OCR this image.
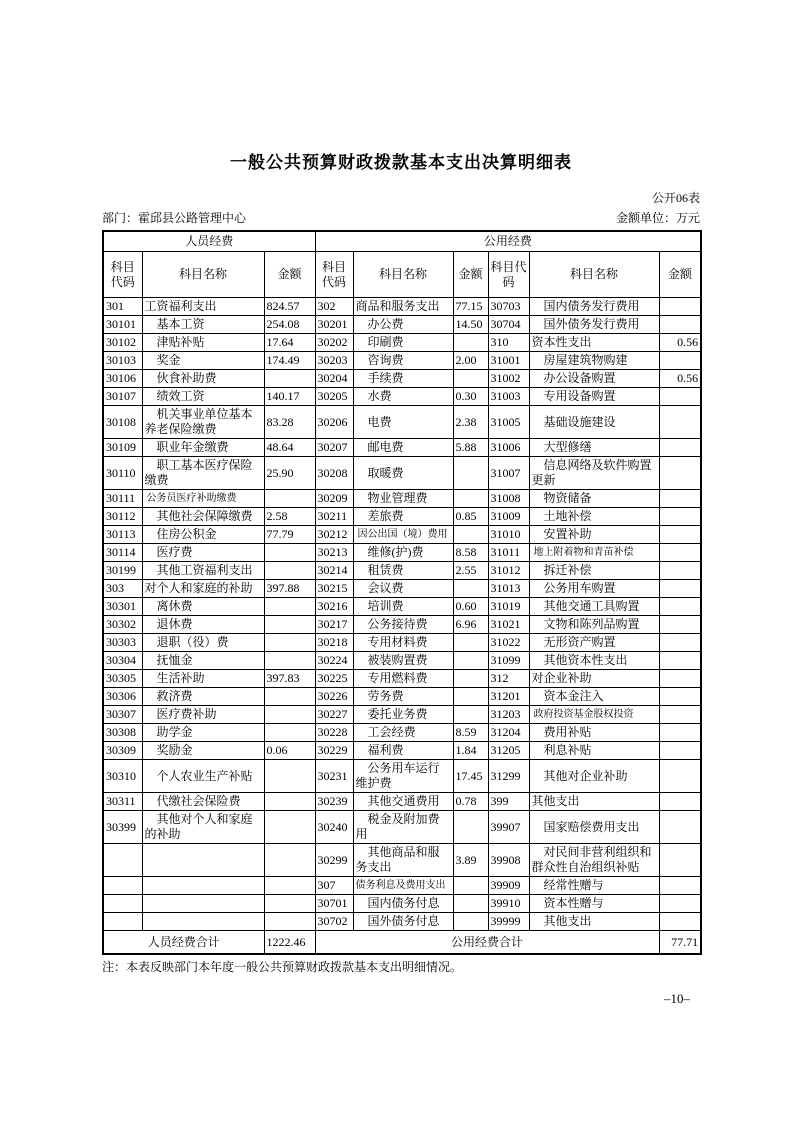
一般公共预算财政拨款基本支出决算明细表
公开06表
部门：霍邱县公路管理中心	金额单位：万元
人员经费			公用经费					
科目代码	科目名称	金额	科目代码	科目名称	金额	科目代码	科目名称	金额
301	工资福利支出	824.57	302	商品和服务支出	77.15	30703	国内债务发行费用	
30101	基本工资	254.08	30201	办公费	14.50	30704	国外债务发行费用	
30102	津贴补贴	17.64	30202	印刷费		310	资本性支出	0.56
30103	奖金	174.49	30203	咨询费	2.00	31001	房屋建筑物购建	
30106	伙食补助费		30204	手续费		31002	办公设备购置	0.56
30107	绩效工资	140.17	30205	水费	0.30	31003	专用设备购置	
30108	机关事业单位基本养老保险缴费	83.28	30206	电费	2.38	31005	基础设施建设	
30109	职业年金缴费	48.64	30207	邮电费	5.88	31006	大型修缮	
30110	职工基本医疗保险缴费	25.90	30208	取暖费		31007	信息网络及软件购置更新	
30111	公务员医疗补助缴费		30209	物业管理费		31008	物资储备	
30112	其他社会保障缴费	2.58	30211	差旅费	0.85	31009	土地补偿	
30113	住房公积金	77.79	30212	因公出国（境）费用		31010	安置补助	
30114	医疗费		30213	维修(护)费	8.58	31011	地上附着物和青苗补偿	
30199	其他工资福利支出		30214	租赁费	2.55	31012	拆迁补偿	
303	对个人和家庭的补助	397.88	30215	会议费		31013	公务用车购置	
30301	离休费		30216	培训费	0.60	31019	其他交通工具购置	
30302	退休费		30217	公务接待费	6.96	31021	文物和陈列品购置	
30303	退职（役）费		30218	专用材料费		31022	无形资产购置	
30304	抚恤金		30224	被装购置费		31099	其他资本性支出	
30305	生活补助	397.83	30225	专用燃料费		312	对企业补助	
30306	救济费		30226	劳务费		31201	资本金注入	
30307	医疗费补助		30227	委托业务费		31203	政府投资基金股权投资	
30308	助学金		30228	工会经费	8.59	31204	费用补贴	
30309	奖励金	0.06	30229	福利费	1.84	31205	利息补贴	
30310	个人农业生产补贴		30231	公务用车运行维护费	17.45	31299	其他对企业补助	
30311	代缴社会保险费		30239	其他交通费用	0.78	399	其他支出	
30399	其他对个人和家庭的补助		30240	税金及附加费用		39907	国家赔偿费用支出	
			30299	其他商品和服务支出	3.89	39908	对民间非营利组织和群众性自治组织补贴	
			307	债务利息及费用支出		39909	经常性赠与	
			30701	国内债务付息		39910	资本性赠与	
			30702	国外债务付息		39999	其他支出	
人员经费合计		1222.46	公用经费合计					77.71
注：本表反映部门本年度一般公共预算财政拨款基本支出明细情况。
–10–
